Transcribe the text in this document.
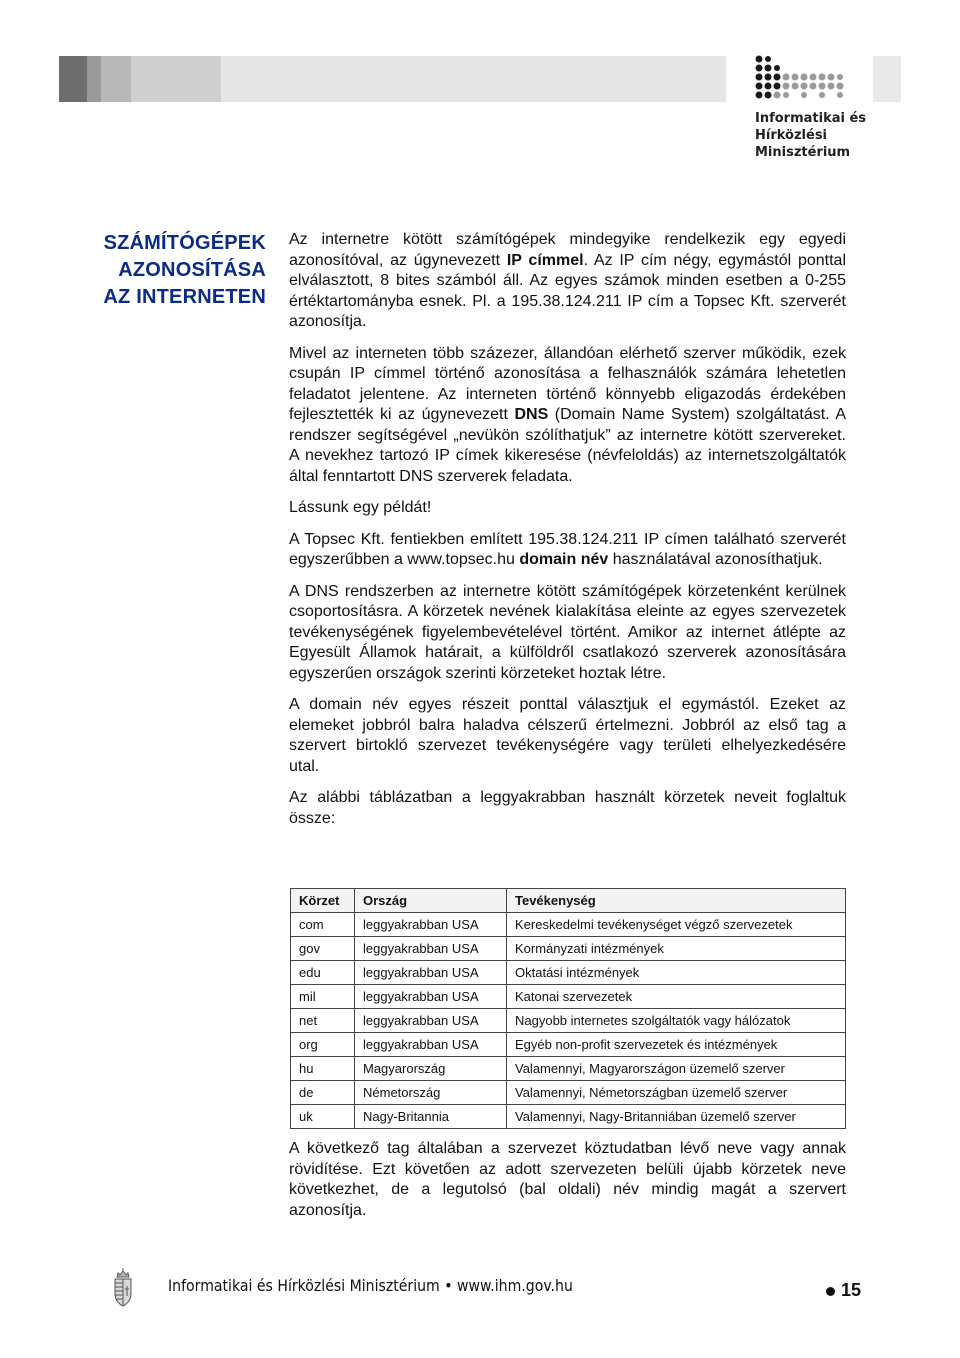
Informatikai és
Hírközlési
Minisztérium
SZÁMÍTÓGÉPEK
AZONOSÍTÁSA
AZ INTERNETEN

Az internetre kötött számítógépek mindegyike rendelkezik egy egyedi azonosítóval, az úgynevezett IP címmel. Az IP cím négy, egymástól ponttal elválasztott, 8 bites számból áll. Az egyes számok minden esetben a 0-255 értéktartományba esnek. Pl. a 195.38.124.211 IP cím a Topsec Kft. szerverét azonosítja.

Mivel az interneten több százezer, állandóan elérhető szerver működik, ezek csupán IP címmel történő azonosítása a felhasználók számára lehetetlen feladatot jelentene. Az interneten történő könnyebb eligazodás érdekében fejlesztették ki az úgynevezett DNS (Domain Name System) szolgáltatást. A rendszer segítségével „nevükön szólíthatjuk” az internetre kötött szervereket. A nevekhez tartozó IP címek kikeresése (névfeloldás) az internetszolgáltatók által fenntartott DNS szerverek feladata.

Lássunk egy példát!

A Topsec Kft. fentiekben említett 195.38.124.211 IP címen található szerverét egyszerűbben a www.topsec.hu domain név használatával azonosíthatjuk.

A DNS rendszerben az internetre kötött számítógépek körzetenként kerülnek csoportosításra. A körzetek nevének kialakítása eleinte az egyes szervezetek tevékenységének figyelembevételével történt. Amikor az internet átlépte az Egyesült Államok határait, a külföldről csatlakozó szerverek azonosítására egyszerűen országok szerinti körzeteket hoztak létre.

A domain név egyes részeit ponttal választjuk el egymástól. Ezeket az elemeket jobbról balra haladva célszerű értelmezni. Jobbról az első tag a szervert birtokló szervezet tevékenységére vagy területi elhelyezkedésére utal.

Az alábbi táblázatban a leggyakrabban használt körzetek neveit foglaltuk össze:

Körzet	Ország	Tevékenység
com	leggyakrabban USA	Kereskedelmi tevékenységet végző szervezetek
gov	leggyakrabban USA	Kormányzati intézmények
edu	leggyakrabban USA	Oktatási intézmények
mil	leggyakrabban USA	Katonai szervezetek
net	leggyakrabban USA	Nagyobb internetes szolgáltatók vagy hálózatok
org	leggyakrabban USA	Egyéb non-profit szervezetek és intézmények
hu	Magyarország	Valamennyi, Magyarországon üzemelő szerver
de	Németország	Valamennyi, Németországban üzemelő szerver
uk	Nagy-Britannia	Valamennyi, Nagy-Britanniában üzemelő szerver

A következő tag általában a szervezet köztudatban lévő neve vagy annak rövidítése. Ezt követően az adott szervezeten belüli újabb körzetek neve következhet, de a legutolsó (bal oldali) név mindig magát a szervert azonosítja.

Informatikai és Hírközlési Minisztérium • www.ihm.gov.hu	15
